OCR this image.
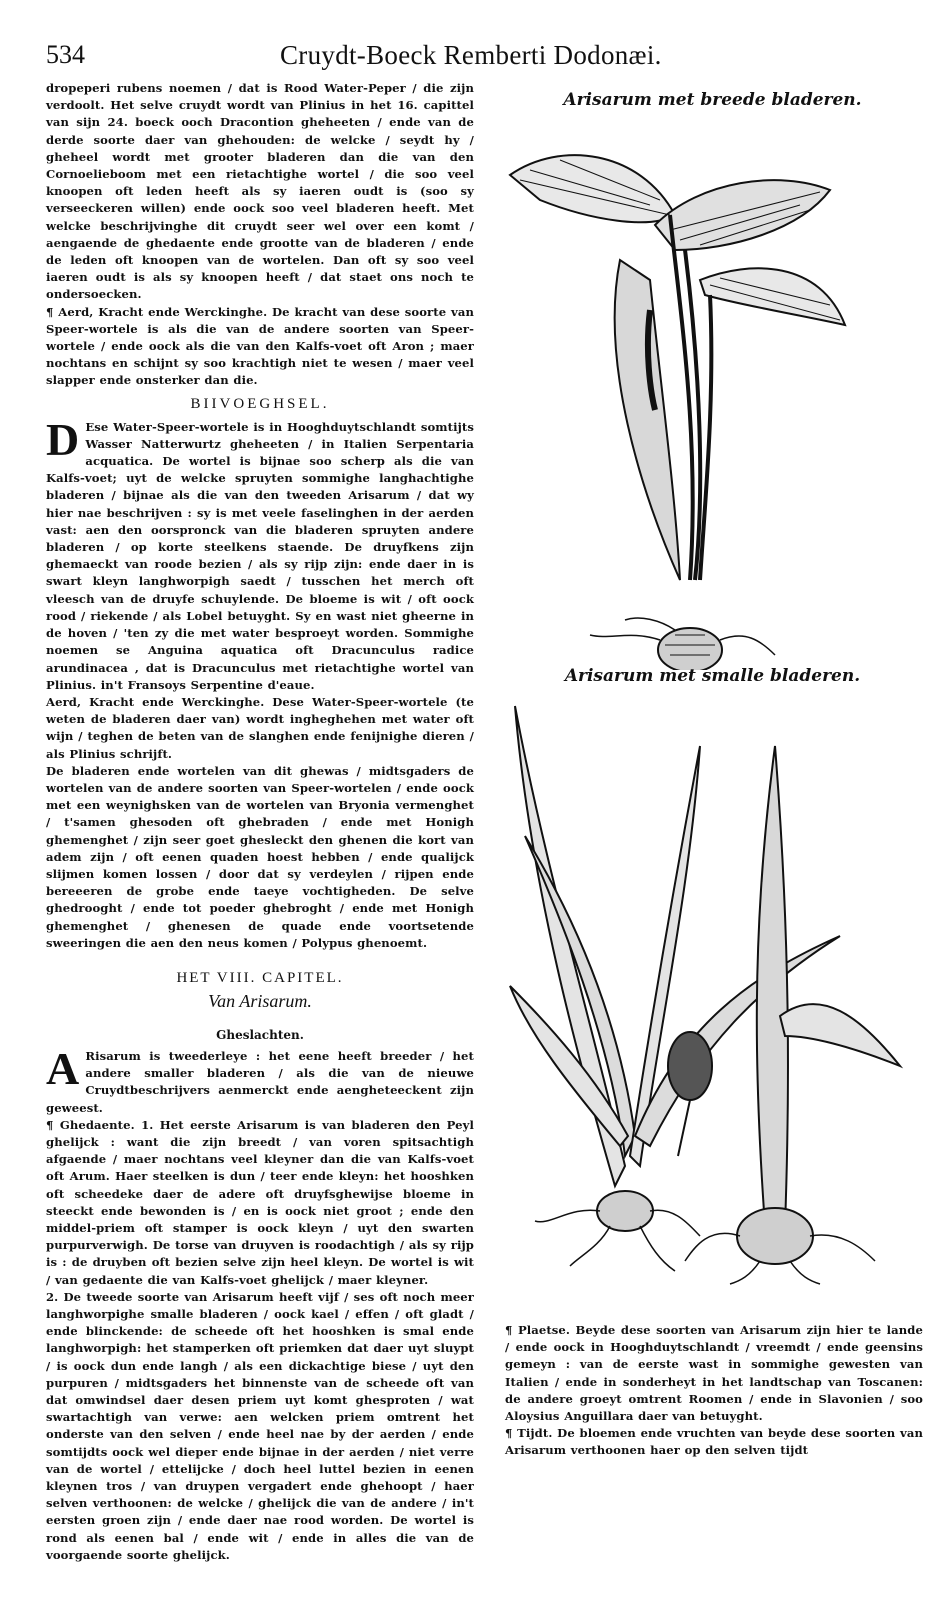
534	Cruydt-Boeck Remberti Dodonæi.

dropeperi rubens noemen / dat is Rood Water-Peper / die zijn verdoolt. Het selve cruydt wordt van Plinius in het 16. capittel van sijn 24. boeck ooch Dracontion gheheeten / ende van de derde soorte daer van ghehouden: de welcke / seydt hy / gheheel wordt met grooter bladeren dan die van den Cornoelieboom met een rietachtighe wortel / die soo veel knoopen oft leden heeft als sy iaeren oudt is (soo sy verseeckeren willen) ende oock soo veel bladeren heeft. Met welcke beschrijvinghe dit cruydt seer wel over een komt / aengaende de ghedaente ende grootte van de bladeren / ende de leden oft knoopen van de wortelen. Dan oft sy soo veel iaeren oudt is als sy knoopen heeft / dat staet ons noch te ondersoecken.

¶ Aerd, Kracht ende Werckinghe. De kracht van dese soorte van Speer-wortele is als die van de andere soorten van Speer-wortele / ende oock als die van den Kalfs-voet oft Aron ; maer nochtans en schijnt sy soo krachtigh niet te wesen / maer veel slapper ende onsterker dan die.

BIIVOEGHSEL.

D Ese Water-Speer-wortele is in Hooghduytschlandt somtijts Wasser Natterwurtz gheheeten / in Italien Serpentaria acquatica. De wortel is bijnae soo scherp als die van Kalfs-voet; uyt de welcke spruyten sommighe langhachtighe bladeren / bijnae als die van den tweeden Arisarum / dat wy hier nae beschrijven : sy is met veele faselinghen in der aerden vast: aen den oorspronck van die bladeren spruyten andere bladeren / op korte steelkens staende. De druyfkens zijn ghemaeckt van roode bezien / als sy rijp zijn: ende daer in is swart kleyn langhworpigh saedt / tusschen het merch oft vleesch van de druyfe schuylende. De bloeme is wit / oft oock rood / riekende / als Lobel betuyght. Sy en wast niet gheerne in de hoven / 'ten zy die met water besproeyt worden. Sommighe noemen se Anguina aquatica oft Dracunculus radice arundinacea , dat is Dracunculus met rietachtighe wortel van Plinius. in't Fransoys Serpentine d'eaue.

Aerd, Kracht ende Werckinghe. Dese Water-Speer-wortele (te weten de bladeren daer van) wordt ingheghehen met water oft wijn / teghen de beten van de slanghen ende fenijnighe dieren / als Plinius schrijft.

De bladeren ende wortelen van dit ghewas / midtsgaders de wortelen van de andere soorten van Speer-wortelen / ende oock met een weynighsken van de wortelen van Bryonia vermenghet / t'samen ghesoden oft ghebraden / ende met Honigh ghemenghet / zijn seer goet ghesleckt den ghenen die kort van adem zijn / oft eenen quaden hoest hebben / ende qualijck slijmen komen lossen / door dat sy verdeylen / rijpen ende bereeeren de grobe ende taeye vochtigheden. De selve ghedrooght / ende tot poeder ghebroght / ende met Honigh ghemenghet / ghenesen de quade ende voortsetende sweeringen die aen den neus komen / Polypus ghenoemt.

HET VIII. CAPITEL.
Van Arisarum.
Gheslachten.

A Risarum is tweederleye : het eene heeft breeder / het andere smaller bladeren / als die van de nieuwe Cruydtbeschrijvers aenmerckt ende aengheteeckent zijn geweest.

¶ Ghedaente. 1. Het eerste Arisarum is van bladeren den Peyl ghelijck : want die zijn breedt / van voren spitsachtigh afgaende / maer nochtans veel kleyner dan die van Kalfs-voet oft Arum. Haer steelken is dun / teer ende kleyn: het hooshken oft scheedeke daer de adere oft druyfsghewijse bloeme in steeckt ende bewonden is / en is oock niet groot ; ende den middel-priem oft stamper is oock kleyn / uyt den swarten purpurverwigh. De torse van druyven is roodachtigh / als sy rijp is : de druyben oft bezien selve zijn heel kleyn. De wortel is wit / van gedaente die van Kalfs-voet ghelijck / maer kleyner.

2. De tweede soorte van Arisarum heeft vijf / ses oft noch meer langhworpighe smalle bladeren / oock kael / effen / oft gladt / ende blinckende: de scheede oft het hooshken is smal ende langhworpigh: het stamperken oft priemken dat daer uyt sluypt / is oock dun ende langh / als een dickachtige biese / uyt den purpuren / midtsgaders het binnenste van de scheede oft van dat omwindsel daer desen priem uyt komt ghesproten / wat swartachtigh van verwe: aen welcken priem omtrent het onderste van den selven / ende heel nae by der aerden / ende somtijdts oock wel dieper ende bijnae in der aerden / niet verre van de wortel / ettelijcke / doch heel luttel bezien in eenen kleynen tros / van druypen vergadert ende ghehoopt / haer selven verthoonen: de welcke / ghelijck die van de andere / in't eersten groen zijn / ende daer nae rood worden. De wortel is rond als eenen bal / ende wit / ende in alles die van de voorgaende soorte ghelijck.

Arisarum met breede bladeren.
Arisarum met smalle bladeren.

¶ Plaetse. Beyde dese soorten van Arisarum zijn hier te lande / ende oock in Hooghduytschlandt / vreemdt / ende geensins gemeyn : van de eerste wast in sommighe gewesten van Italien / ende in sonderheyt in het landtschap van Toscanen: de andere groeyt omtrent Roomen / ende in Slavonien / soo Aloysius Anguillara daer van betuyght.

¶ Tijdt. De bloemen ende vruchten van beyde dese soorten van Arisarum verthoonen haer op den selven tijdt
